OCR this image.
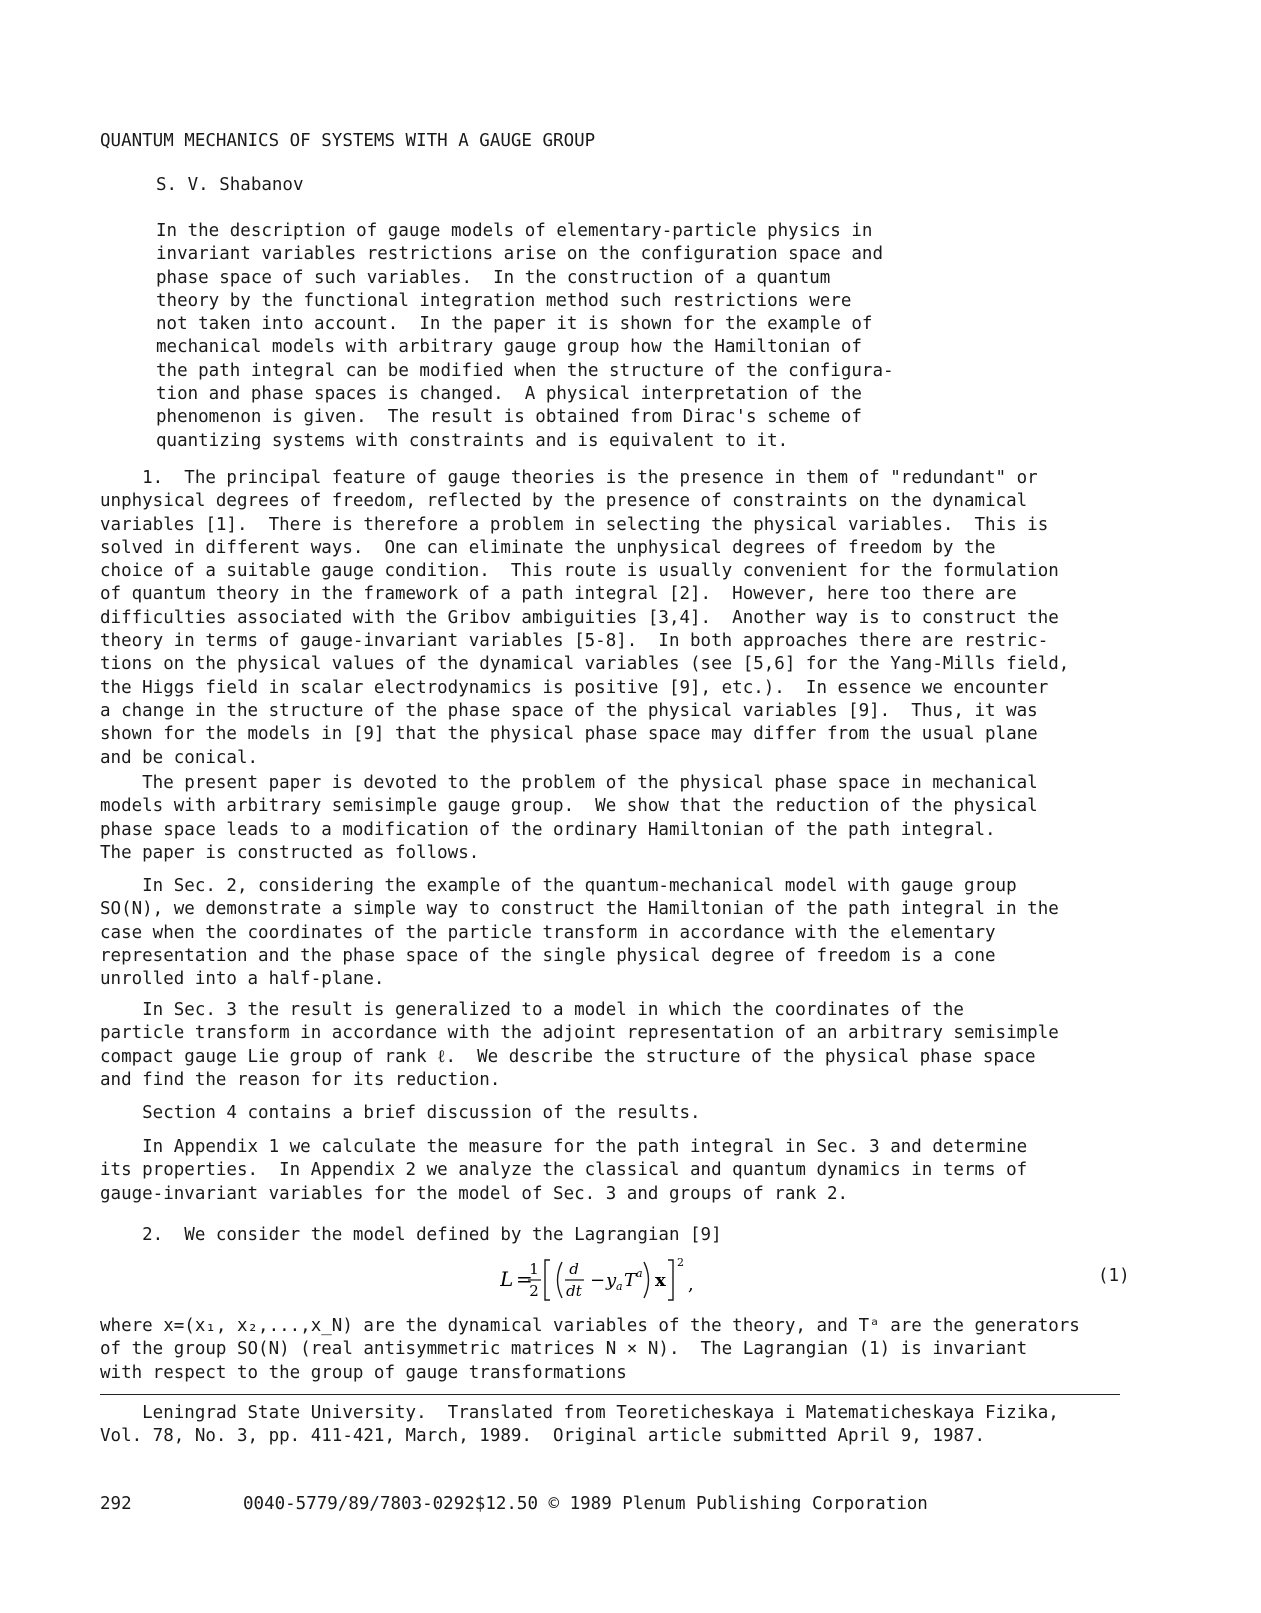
QUANTUM MECHANICS OF SYSTEMS WITH A GAUGE GROUP
S. V. Shabanov
In the description of gauge models of elementary-particle physics in
invariant variables restrictions arise on the configuration space and
phase space of such variables.  In the construction of a quantum
theory by the functional integration method such restrictions were
not taken into account.  In the paper it is shown for the example of
mechanical models with arbitrary gauge group how the Hamiltonian of
the path integral can be modified when the structure of the configura-
tion and phase spaces is changed.  A physical interpretation of the
phenomenon is given.  The result is obtained from Dirac's scheme of
quantizing systems with constraints and is equivalent to it.
1.  The principal feature of gauge theories is the presence in them of "redundant" or
unphysical degrees of freedom, reflected by the presence of constraints on the dynamical
variables [1].  There is therefore a problem in selecting the physical variables.  This is
solved in different ways.  One can eliminate the unphysical degrees of freedom by the
choice of a suitable gauge condition.  This route is usually convenient for the formulation
of quantum theory in the framework of a path integral [2].  However, here too there are
difficulties associated with the Gribov ambiguities [3,4].  Another way is to construct the
theory in terms of gauge-invariant variables [5-8].  In both approaches there are restric-
tions on the physical values of the dynamical variables (see [5,6] for the Yang-Mills field,
the Higgs field in scalar electrodynamics is positive [9], etc.).  In essence we encounter
a change in the structure of the phase space of the physical variables [9].  Thus, it was
shown for the models in [9] that the physical phase space may differ from the usual plane
and be conical.
The present paper is devoted to the problem of the physical phase space in mechanical
models with arbitrary semisimple gauge group.  We show that the reduction of the physical
phase space leads to a modification of the ordinary Hamiltonian of the path integral.
The paper is constructed as follows.
In Sec. 2, considering the example of the quantum-mechanical model with gauge group
SO(N), we demonstrate a simple way to construct the Hamiltonian of the path integral in the
case when the coordinates of the particle transform in accordance with the elementary
representation and the phase space of the single physical degree of freedom is a cone
unrolled into a half-plane.
In Sec. 3 the result is generalized to a model in which the coordinates of the
particle transform in accordance with the adjoint representation of an arbitrary semisimple
compact gauge Lie group of rank ℓ.  We describe the structure of the physical phase space
and find the reason for its reduction.
Section 4 contains a brief discussion of the results.
In Appendix 1 we calculate the measure for the path integral in Sec. 3 and determine
its properties.  In Appendix 2 we analyze the classical and quantum dynamics in terms of
gauge-invariant variables for the model of Sec. 3 and groups of rank 2.
2.  We consider the model defined by the Lagrangian [9]
L =
1
2
d
dt − y a T a x
2
,	(1)
where x=(x₁, x₂,...,x_N) are the dynamical variables of the theory, and Tᵃ are the generators
of the group SO(N) (real antisymmetric matrices N × N).  The Lagrangian (1) is invariant
with respect to the group of gauge transformations
Leningrad State University.  Translated from Teoreticheskaya i Matematicheskaya Fizika,
Vol. 78, No. 3, pp. 411-421, March, 1989.  Original article submitted April 9, 1987.
292	0040-5779/89/7803-0292$12.50 © 1989 Plenum Publishing Corporation
